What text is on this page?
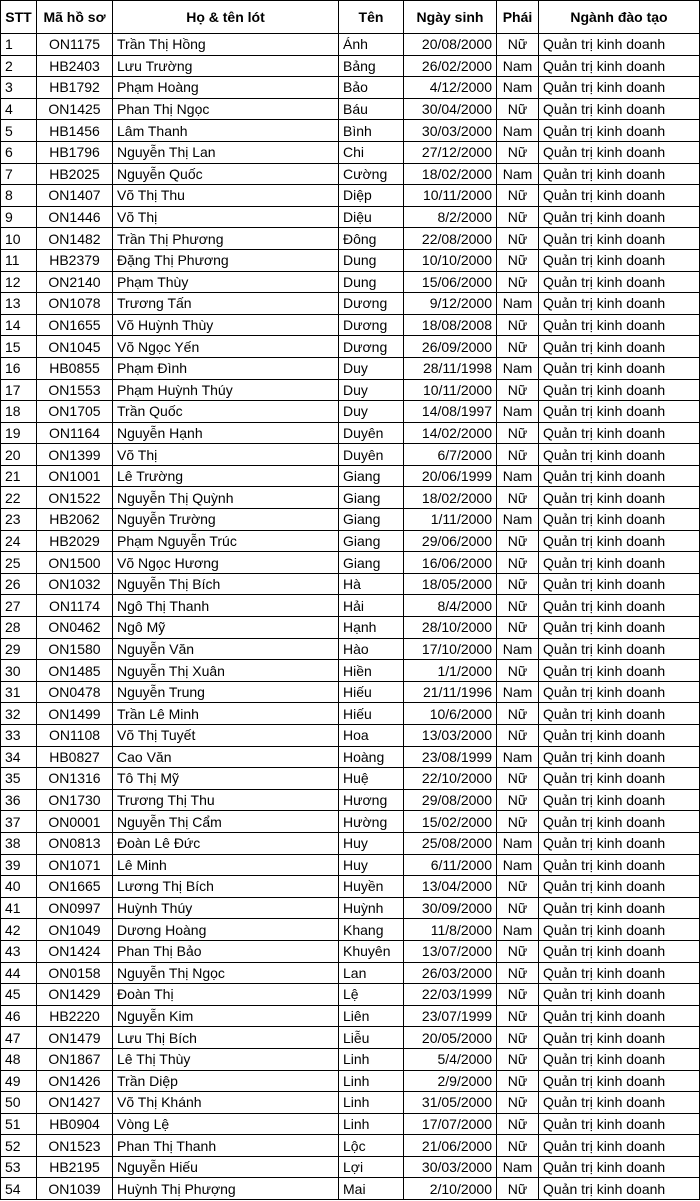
STT	Mã hồ sơ	Họ & tên lót	Tên	Ngày sinh	Phái	Ngành đào tạo
1	ON1175	Trần Thị Hồng	Ánh	20/08/2000	Nữ	Quản trị kinh doanh
2	HB2403	Lưu Trường	Bảng	26/02/2000	Nam	Quản trị kinh doanh
3	HB1792	Phạm Hoàng	Bảo	4/12/2000	Nam	Quản trị kinh doanh
4	ON1425	Phan Thị Ngọc	Báu	30/04/2000	Nữ	Quản trị kinh doanh
5	HB1456	Lâm Thanh	Bình	30/03/2000	Nam	Quản trị kinh doanh
6	HB1796	Nguyễn Thị Lan	Chi	27/12/2000	Nữ	Quản trị kinh doanh
7	HB2025	Nguyễn Quốc	Cường	18/02/2000	Nam	Quản trị kinh doanh
8	ON1407	Võ Thị Thu	Diệp	10/11/2000	Nữ	Quản trị kinh doanh
9	ON1446	Võ Thị	Diệu	8/2/2000	Nữ	Quản trị kinh doanh
10	ON1482	Trần Thị Phương	Đông	22/08/2000	Nữ	Quản trị kinh doanh
11	HB2379	Đặng Thị Phương	Dung	10/10/2000	Nữ	Quản trị kinh doanh
12	ON2140	Phạm Thùy	Dung	15/06/2000	Nữ	Quản trị kinh doanh
13	ON1078	Trương Tấn	Dương	9/12/2000	Nam	Quản trị kinh doanh
14	ON1655	Võ Huỳnh Thùy	Dương	18/08/2008	Nữ	Quản trị kinh doanh
15	ON1045	Võ Ngọc Yến	Dương	26/09/2000	Nữ	Quản trị kinh doanh
16	HB0855	Phạm Đình	Duy	28/11/1998	Nam	Quản trị kinh doanh
17	ON1553	Phạm Huỳnh Thúy	Duy	10/11/2000	Nữ	Quản trị kinh doanh
18	ON1705	Trần Quốc	Duy	14/08/1997	Nam	Quản trị kinh doanh
19	ON1164	Nguyễn Hạnh	Duyên	14/02/2000	Nữ	Quản trị kinh doanh
20	ON1399	Võ Thị	Duyên	6/7/2000	Nữ	Quản trị kinh doanh
21	ON1001	Lê Trường	Giang	20/06/1999	Nam	Quản trị kinh doanh
22	ON1522	Nguyễn Thị Quỳnh	Giang	18/02/2000	Nữ	Quản trị kinh doanh
23	HB2062	Nguyễn Trường	Giang	1/11/2000	Nam	Quản trị kinh doanh
24	HB2029	Phạm Nguyễn Trúc	Giang	29/06/2000	Nữ	Quản trị kinh doanh
25	ON1500	Võ Ngọc Hương	Giang	16/06/2000	Nữ	Quản trị kinh doanh
26	ON1032	Nguyễn Thị Bích	Hà	18/05/2000	Nữ	Quản trị kinh doanh
27	ON1174	Ngô Thị Thanh	Hải	8/4/2000	Nữ	Quản trị kinh doanh
28	ON0462	Ngô Mỹ	Hạnh	28/10/2000	Nữ	Quản trị kinh doanh
29	ON1580	Nguyễn Văn	Hào	17/10/2000	Nam	Quản trị kinh doanh
30	ON1485	Nguyễn Thị Xuân	Hiền	1/1/2000	Nữ	Quản trị kinh doanh
31	ON0478	Nguyễn Trung	Hiếu	21/11/1996	Nam	Quản trị kinh doanh
32	ON1499	Trần Lê Minh	Hiếu	10/6/2000	Nữ	Quản trị kinh doanh
33	ON1108	Võ Thị Tuyết	Hoa	13/03/2000	Nữ	Quản trị kinh doanh
34	HB0827	Cao Văn	Hoàng	23/08/1999	Nam	Quản trị kinh doanh
35	ON1316	Tô Thị Mỹ	Huệ	22/10/2000	Nữ	Quản trị kinh doanh
36	ON1730	Trương Thị Thu	Hương	29/08/2000	Nữ	Quản trị kinh doanh
37	ON0001	Nguyễn Thị Cẩm	Hường	15/02/2000	Nữ	Quản trị kinh doanh
38	ON0813	Đoàn Lê Đức	Huy	25/08/2000	Nam	Quản trị kinh doanh
39	ON1071	Lê Minh	Huy	6/11/2000	Nam	Quản trị kinh doanh
40	ON1665	Lương Thị Bích	Huyền	13/04/2000	Nữ	Quản trị kinh doanh
41	ON0997	Huỳnh Thúy	Huỳnh	30/09/2000	Nữ	Quản trị kinh doanh
42	ON1049	Dương Hoàng	Khang	11/8/2000	Nam	Quản trị kinh doanh
43	ON1424	Phan Thị Bảo	Khuyên	13/07/2000	Nữ	Quản trị kinh doanh
44	ON0158	Nguyễn Thị Ngọc	Lan	26/03/2000	Nữ	Quản trị kinh doanh
45	ON1429	Đoàn Thị	Lệ	22/03/1999	Nữ	Quản trị kinh doanh
46	HB2220	Nguyễn Kim	Liên	23/07/1999	Nữ	Quản trị kinh doanh
47	ON1479	Lưu Thị Bích	Liễu	20/05/2000	Nữ	Quản trị kinh doanh
48	ON1867	Lê Thị Thùy	Linh	5/4/2000	Nữ	Quản trị kinh doanh
49	ON1426	Trần Diệp	Linh	2/9/2000	Nữ	Quản trị kinh doanh
50	ON1427	Võ Thị Khánh	Linh	31/05/2000	Nữ	Quản trị kinh doanh
51	HB0904	Vòng Lệ	Linh	17/07/2000	Nữ	Quản trị kinh doanh
52	ON1523	Phan Thị Thanh	Lộc	21/06/2000	Nữ	Quản trị kinh doanh
53	HB2195	Nguyễn Hiếu	Lợi	30/03/2000	Nam	Quản trị kinh doanh
54	ON1039	Huỳnh Thị Phượng	Mai	2/10/2000	Nữ	Quản trị kinh doanh
